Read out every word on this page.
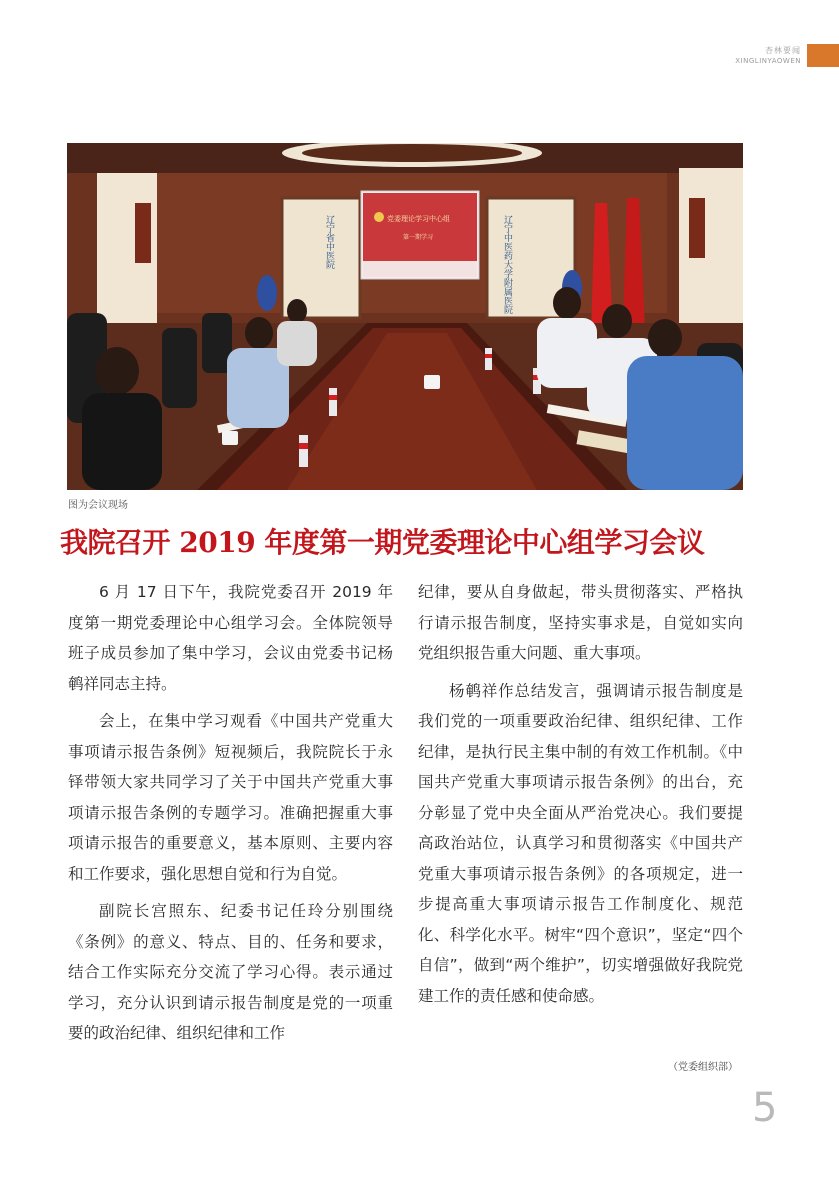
杏林要闻
XINGLINYAOWEN
辽宁省中医院	辽宁中医药大学附属医院
党委理论学习中心组
第一期学习
图为会议现场
我院召开 2019 年度第一期党委理论中心组学习会议

6 月 17 日下午，我院党委召开 2019 年度第一期党委理论中心组学习会。全体院领导班子成员参加了集中学习，会议由党委书记杨鹌祥同志主持。

会上，在集中学习观看《中国共产党重大事项请示报告条例》短视频后，我院院长于永铎带领大家共同学习了关于中国共产党重大事项请示报告条例的专题学习。准确把握重大事项请示报告的重要意义，基本原则、主要内容和工作要求，强化思想自觉和行为自觉。

副院长宫照东、纪委书记任玲分别围绕《条例》的意义、特点、目的、任务和要求，结合工作实际充分交流了学习心得。表示通过学习，充分认识到请示报告制度是党的一项重要的政治纪律、组织纪律和工作

纪律，要从自身做起，带头贯彻落实、严格执行请示报告制度，坚持实事求是，自觉如实向党组织报告重大问题、重大事项。

杨鹌祥作总结发言，强调请示报告制度是我们党的一项重要政治纪律、组织纪律、工作纪律，是执行民主集中制的有效工作机制。《中国共产党重大事项请示报告条例》的出台，充分彰显了党中央全面从严治党决心。我们要提高政治站位，认真学习和贯彻落实《中国共产党重大事项请示报告条例》的各项规定，进一步提高重大事项请示报告工作制度化、规范化、科学化水平。树牢“四个意识”，坚定“四个自信”，做到“两个维护”，切实增强做好我院党建工作的责任感和使命感。

（党委组织部）
5
